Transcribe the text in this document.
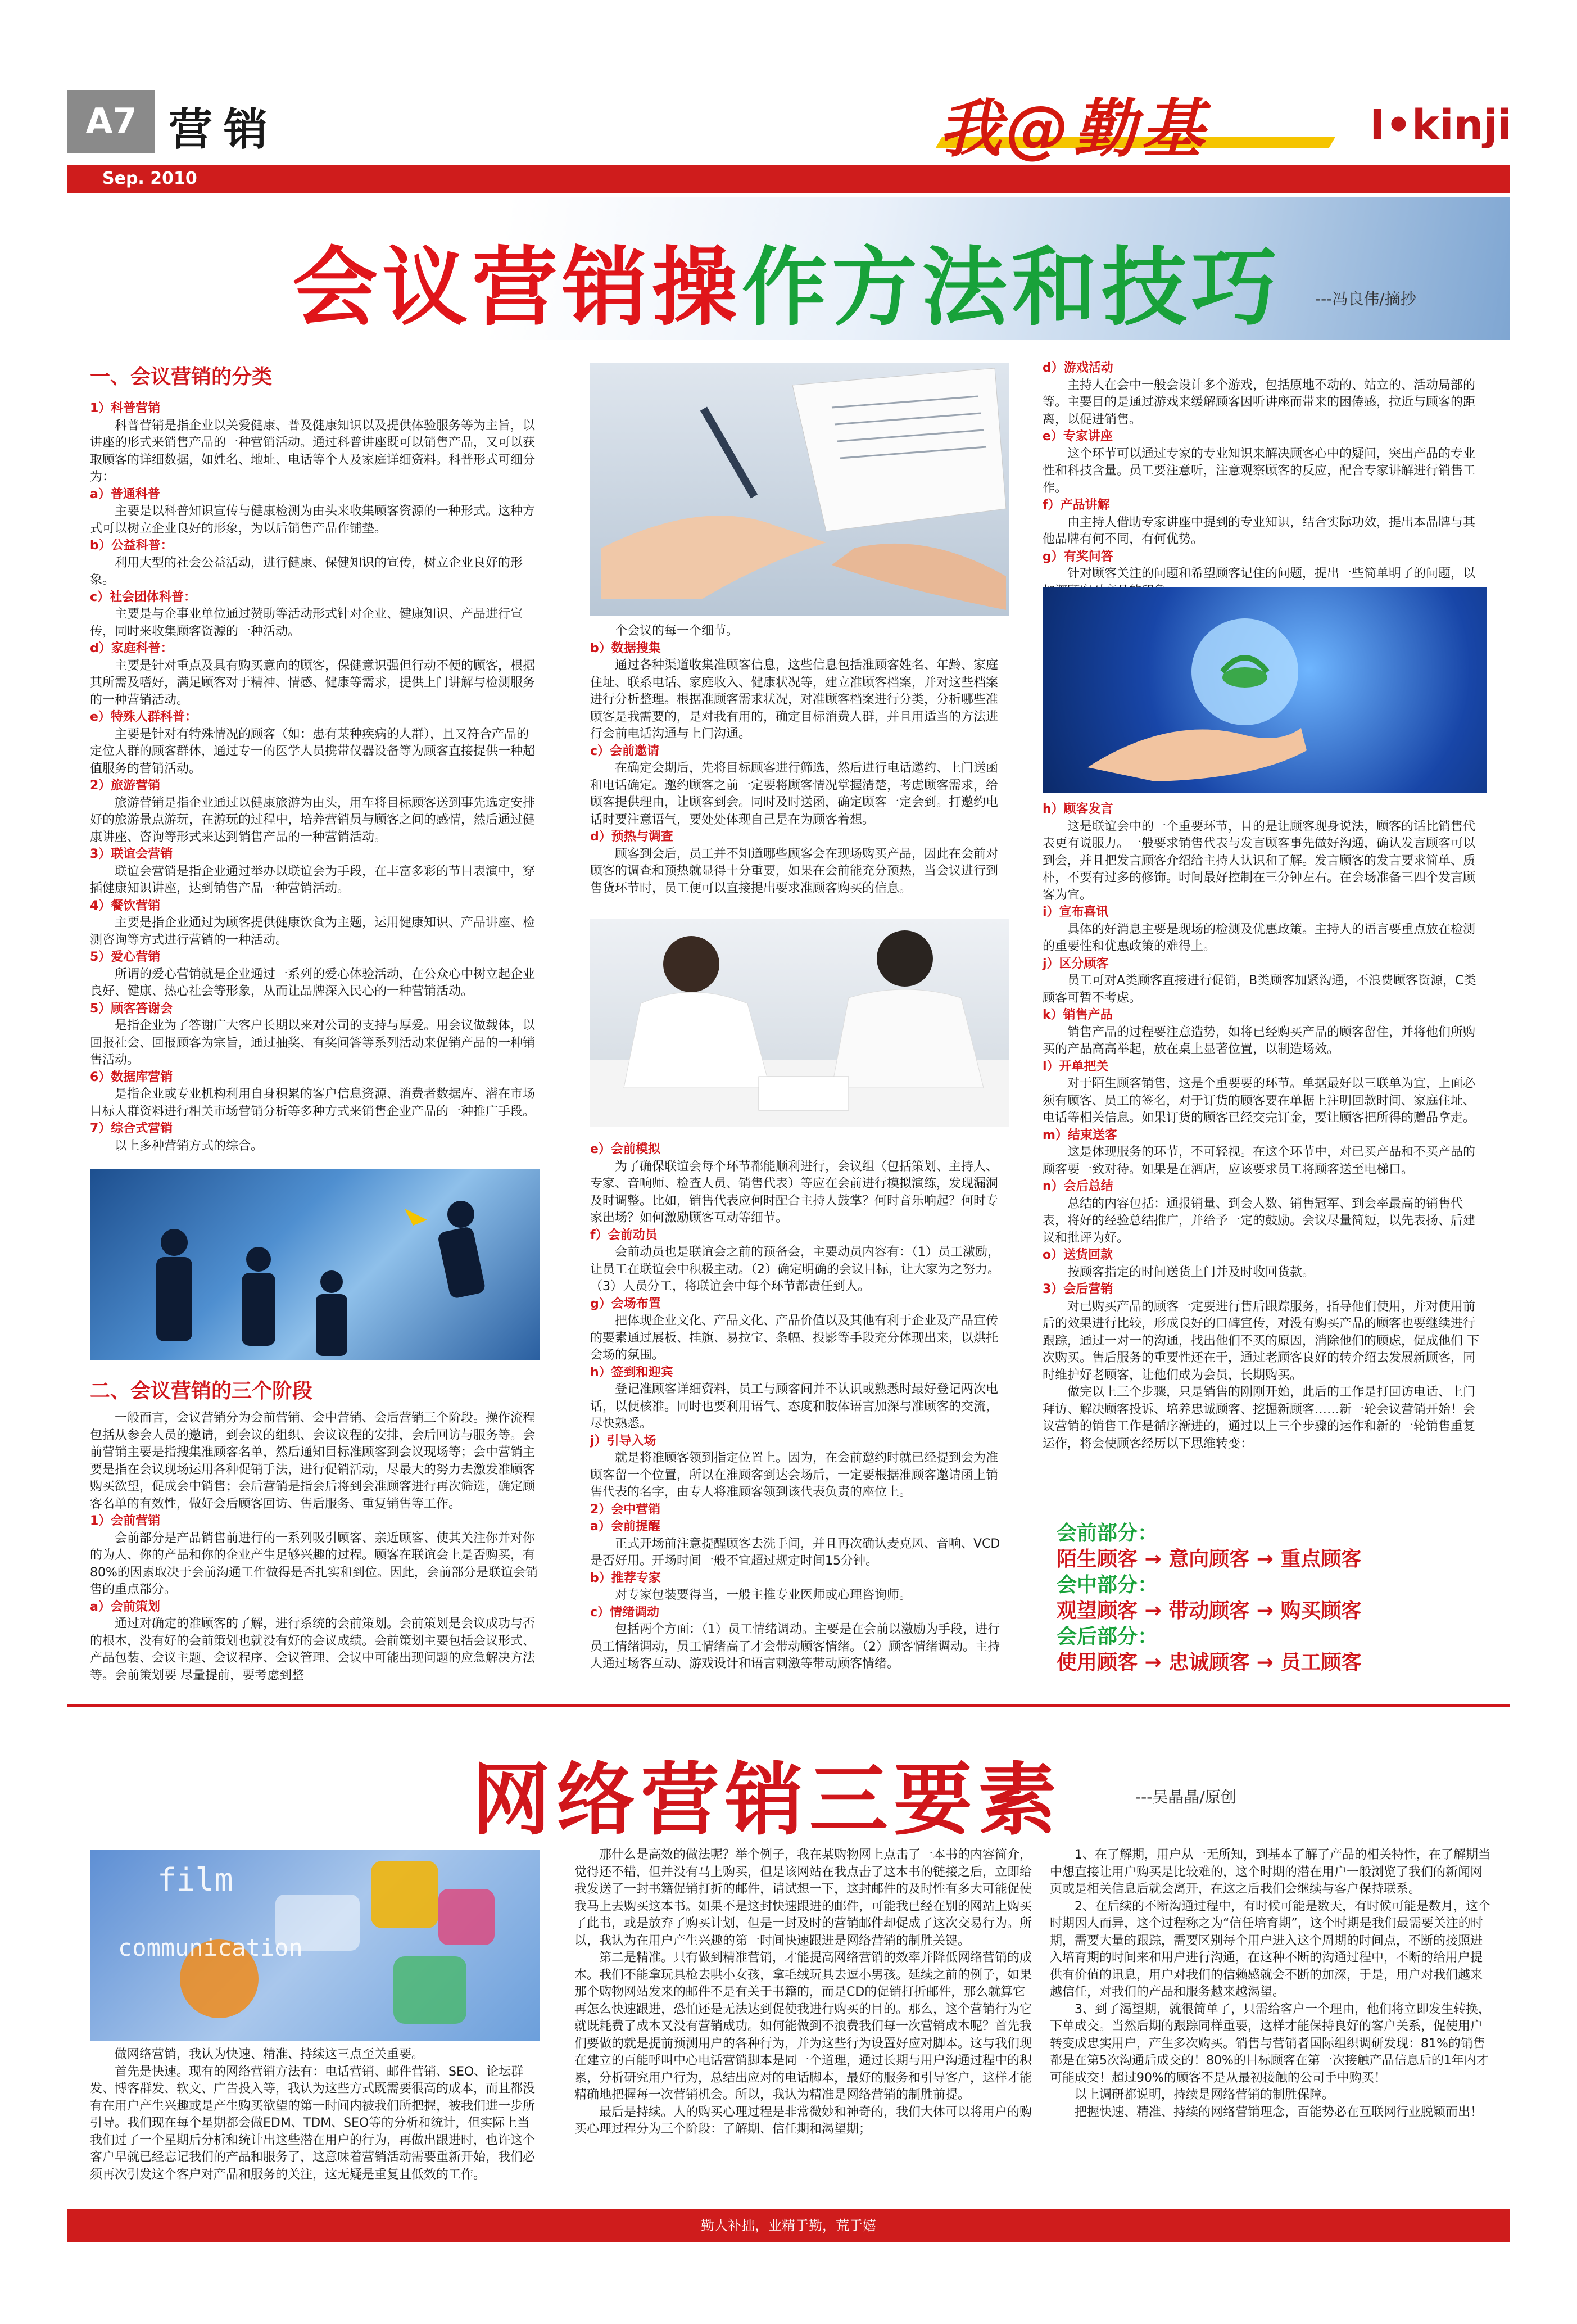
A7 营销
Sep. 2010
我@勤基	I•kinji
会议营销操作方法和技巧 ---冯良伟/摘抄
一、会议营销的分类

1）科普营销

科普营销是指企业以关爱健康、普及健康知识以及提供体验服务等为主旨，以讲座的形式来销售产品的一种营销活动。通过科普讲座既可以销售产品，又可以获取顾客的详细数据，如姓名、地址、电话等个人及家庭详细资料。科普形式可细分为：

a）普通科普

主要是以科普知识宣传与健康检测为由头来收集顾客资源的一种形式。这种方式可以树立企业良好的形象，为以后销售产品作铺垫。

b）公益科普：

利用大型的社会公益活动，进行健康、保健知识的宣传，树立企业良好的形象。

c）社会团体科普：

主要是与企事业单位通过赞助等活动形式针对企业、健康知识、产品进行宣传，同时来收集顾客资源的一种活动。

d）家庭科普：

主要是针对重点及具有购买意向的顾客，保健意识强但行动不便的顾客，根据其所需及嗜好，满足顾客对于精神、情感、健康等需求，提供上门讲解与检测服务的一种营销活动。

e）特殊人群科普：

主要是针对有特殊情况的顾客（如：患有某种疾病的人群），且又符合产品的定位人群的顾客群体，通过专一的医学人员携带仪器设备等为顾客直接提供一种超值服务的营销活动。

2）旅游营销

旅游营销是指企业通过以健康旅游为由头，用车将目标顾客送到事先选定安排好的旅游景点游玩，在游玩的过程中，培养营销员与顾客之间的感情，然后通过健康讲座、咨询等形式来达到销售产品的一种营销活动。

3）联谊会营销

联谊会营销是指企业通过举办以联谊会为手段，在丰富多彩的节目表演中，穿插健康知识讲座，达到销售产品一种营销活动。

4）餐饮营销

主要是指企业通过为顾客提供健康饮食为主题，运用健康知识、产品讲座、检测咨询等方式进行营销的一种活动。

5）爱心营销

所谓的爱心营销就是企业通过一系列的爱心体验活动，在公众心中树立起企业良好、健康、热心社会等形象，从而让品牌深入民心的一种营销活动。

5）顾客答谢会

是指企业为了答谢广大客户长期以来对公司的支持与厚爱。用会议做载体，以回报社会、回报顾客为宗旨，通过抽奖、有奖问答等系列活动来促销产品的一种销售活动。

6）数据库营销

是指企业或专业机构利用自身积累的客户信息资源、消费者数据库、潜在市场目标人群资料进行相关市场营销分析等多种方式来销售企业产品的一种推广手段。

7）综合式营销

以上多种营销方式的综合。

二、会议营销的三个阶段

一般而言，会议营销分为会前营销、会中营销、会后营销三个阶段。操作流程包括从参会人员的邀请，到会议的组织、会议议程的安排，会后回访与服务等。会前营销主要是指搜集准顾客名单，然后通知目标准顾客到会议现场等；会中营销主要是指在会议现场运用各种促销手法，进行促销活动，尽最大的努力去激发准顾客购买欲望，促成会中销售；会后营销是指会后将到会准顾客进行再次筛选，确定顾客名单的有效性，做好会后顾客回访、售后服务、重复销售等工作。

1）会前营销

会前部分是产品销售前进行的一系列吸引顾客、亲近顾客、使其关注你并对你的为人、你的产品和你的企业产生足够兴趣的过程。顾客在联谊会上是否购买，有80%的因素取决于会前沟通工作做得是否扎实和到位。因此，会前部分是联谊会销售的重点部分。

a）会前策划

通过对确定的准顾客的了解，进行系统的会前策划。会前策划是会议成功与否的根本，没有好的会前策划也就没有好的会议成绩。会前策划主要包括会议形式、产品包装、会议主题、会议程序、会议管理、会议中可能出现问题的应急解决方法等。会前策划要 尽量提前，要考虑到整

个会议的每一个细节。

b）数据搜集

通过各种渠道收集准顾客信息，这些信息包括准顾客姓名、年龄、家庭住址、联系电话、家庭收入、健康状况等，建立准顾客档案，并对这些档案进行分析整理。根据准顾客需求状况，对准顾客档案进行分类，分析哪些准顾客是我需要的，是对我有用的，确定目标消费人群，并且用适当的方法进行会前电话沟通与上门沟通。

c）会前邀请

在确定会期后，先将目标顾客进行筛选，然后进行电话邀约、上门送函和电话确定。邀约顾客之前一定要将顾客情况掌握清楚，考虑顾客需求，给顾客提供理由，让顾客到会。同时及时送函，确定顾客一定会到。打邀约电话时要注意语气，要处处体现自己是在为顾客着想。

d）预热与调查

顾客到会后，员工并不知道哪些顾客会在现场购买产品，因此在会前对顾客的调查和预热就显得十分重要，如果在会前能充分预热，当会议进行到售货环节时，员工便可以直接提出要求准顾客购买的信息。

e）会前模拟

为了确保联谊会每个环节都能顺利进行，会议组（包括策划、主持人、专家、音响师、检查人员、销售代表）等应在会前进行模拟演练，发现漏洞及时调整。比如，销售代表应何时配合主持人鼓掌？何时音乐响起？何时专家出场？如何激励顾客互动等细节。

f）会前动员

会前动员也是联谊会之前的预备会，主要动员内容有：（1）员工激励，让员工在联谊会中积极主动。（2）确定明确的会议目标，让大家为之努力。（3）人员分工，将联谊会中每个环节都责任到人。

g）会场布置

把体现企业文化、产品文化、产品价值以及其他有利于企业及产品宣传的要素通过展板、挂旗、易拉宝、条幅、投影等手段充分体现出来，以烘托会场的氛围。

h）签到和迎宾

登记准顾客详细资料，员工与顾客间并不认识或熟悉时最好登记两次电话，以便核准。同时也要利用语气、态度和肢体语言加深与准顾客的交流，尽快熟悉。

j）引导入场

就是将准顾客领到指定位置上。因为，在会前邀约时就已经提到会为准顾客留一个位置，所以在准顾客到达会场后，一定要根据准顾客邀请函上销售代表的名字，由专人将准顾客领到该代表负责的座位上。

2）会中营销

a）会前提醒

正式开场前注意提醒顾客去洗手间，并且再次确认麦克风、音响、VCD是否好用。开场时间一般不宜超过规定时间15分钟。

b）推荐专家

对专家包装要得当，一般主推专业医师或心理咨询师。

c）情绪调动

包括两个方面：（1）员工情绪调动。主要是在会前以激励为手段，进行员工情绪调动，员工情绪高了才会带动顾客情绪。（2）顾客情绪调动。主持人通过场客互动、游戏设计和语言刺激等带动顾客情绪。

d）游戏活动

主持人在会中一般会设计多个游戏，包括原地不动的、站立的、活动局部的等。主要目的是通过游戏来缓解顾客因听讲座而带来的困倦感，拉近与顾客的距离，以促进销售。

e）专家讲座

这个环节可以通过专家的专业知识来解决顾客心中的疑问，突出产品的专业性和科技含量。员工要注意听，注意观察顾客的反应，配合专家讲解进行销售工作。

f）产品讲解

由主持人借助专家讲座中提到的专业知识，结合实际功效，提出本品牌与其他品牌有何不同，有何优势。

g）有奖问答

针对顾客关注的问题和希望顾客记住的问题，提出一些简单明了的问题，以

h）顾客发言

这是联谊会中的一个重要环节，目的是让顾客现身说法，顾客的话比销售代表更有说服力。一般要求销售代表与发言顾客事先做好沟通，确认发言顾客可以到会，并且把发言顾客介绍给主持人认识和了解。发言顾客的发言要求简单、质朴，不要有过多的修饰。时间最好控制在三分钟左右。在会场准备三四个发言顾客为宜。

i）宣布喜讯

具体的好消息主要是现场的检测及优惠政策。主持人的语言要重点放在检测的重要性和优惠政策的难得上。

j）区分顾客

员工可对A类顾客直接进行促销，B类顾客加紧沟通，不浪费顾客资源，C类顾客可暂不考虑。

k）销售产品

销售产品的过程要注意造势，如将已经购买产品的顾客留住，并将他们所购买的产品高高举起，放在桌上显著位置，以制造场效。

l）开单把关

对于陌生顾客销售，这是个重要要的环节。单据最好以三联单为宜，上面必须有顾客、员工的签名，对于订货的顾客要在单据上注明回款时间、家庭住址、电话等相关信息。如果订货的顾客已经交完订金，要让顾客把所得的赠品拿走。

m）结束送客

这是体现服务的环节，不可轻视。在这个环节中，对已买产品和不买产品的顾客要一致对待。如果是在酒店，应该要求员工将顾客送至电梯口。

n）会后总结

总结的内容包括：通报销量、到会人数、销售冠军、到会率最高的销售代表，将好的经验总结推广，并给予一定的鼓励。会议尽量简短，以先表扬、后建议和批评为好。

o）送货回款

按顾客指定的时间送货上门并及时收回货款。

3）会后营销

对已购买产品的顾客一定要进行售后跟踪服务，指导他们使用，并对使用前后的效果进行比较，形成良好的口碑宣传，对没有购买产品的顾客也要继续进行跟踪，通过一对一的沟通，找出他们不买的原因，消除他们的顾虑，促成他们 下次购买。售后服务的重要性还在于，通过老顾客良好的转介绍去发展新顾客，同时维护好老顾客，让他们成为会员，长期购买。

做完以上三个步骤，只是销售的刚刚开始，此后的工作是打回访电话、上门拜访、解决顾客投诉、培养忠诚顾客、挖掘新顾客……新一轮会议营销开始！会议营销的销售工作是循序渐进的，通过以上三个步骤的运作和新的一轮销售重复运作，将会使顾客经历以下思维转变：

会前部分：
陌生顾客 → 意向顾客 → 重点顾客
会中部分：
观望顾客 → 带动顾客 → 购买顾客
会后部分：
使用顾客 → 忠诚顾客 → 员工顾客
网络营销三要素	---吴晶晶/原创
film
communication

做网络营销，我认为快速、精准、持续这三点至关重要。

首先是快速。现有的网络营销方法有：电话营销、邮件营销、SEO、论坛群发、博客群发、软文、广告投入等，我认为这些方式既需要很高的成本，而且都没有在用户产生兴趣或是产生购买欲望的第一时间内被我们所把握，被我们进一步所引导。我们现在每个星期都会做EDM、TDM、SEO等的分析和统计，但实际上当我们过了一个星期后分析和统计出这些潜在用户的行为，再做出跟进时，也许这个客户早就已经忘记我们的产品和服务了，这意味着营销活动需要重新开始，我们必须再次引发这个客户对产品和服务的关注，这无疑是重复且低效的工作。

那什么是高效的做法呢？举个例子，我在某购物网上点击了一本书的内容简介，觉得还不错，但并没有马上购买，但是该网站在我点击了这本书的链接之后，立即给我发送了一封书籍促销打折的邮件，请试想一下，这封邮件的及时性有多大可能促使我马上去购买这本书。如果不是这封快速跟进的邮件，可能我已经在别的网站上购买了此书，或是放弃了购买计划，但是一封及时的营销邮件却促成了这次交易行为。所以，我认为在用户产生兴趣的第一时间快速跟进是网络营销的制胜关键。

第二是精准。只有做到精准营销，才能提高网络营销的效率并降低网络营销的成本。我们不能拿玩具枪去哄小女孩，拿毛绒玩具去逗小男孩。延续之前的例子，如果那个购物网站发来的邮件不是有关于书籍的，而是CD的促销打折邮件，那么就算它再怎么快速跟进，恐怕还是无法达到促使我进行购买的目的。那么，这个营销行为它就既耗费了成本又没有营销成功。如何能做到不浪费我们每一次营销成本呢？首先我们要做的就是提前预测用户的各种行为，并为这些行为设置好应对脚本。这与我们现在建立的百能呼叫中心电话营销脚本是同一个道理，通过长期与用户沟通过程中的积累，分析研究用户行为，总结出应对的电话脚本，最好的服务和引导客户，这样才能精确地把握每一次营销机会。所以，我认为精准是网络营销的制胜前提。

最后是持续。人的购买心理过程是非常微妙和神奇的，我们大体可以将用户的购买心理过程分为三个阶段：了解期、信任期和渴望期；

1、在了解期，用户从一无所知，到基本了解了产品的相关特性，在了解期当中想直接让用户购买是比较难的，这个时期的潜在用户一般浏览了我们的新闻网页或是相关信息后就会离开，在这之后我们会继续与客户保持联系。

2、在后续的不断沟通过程中，有时候可能是数天，有时候可能是数月，这个时期因人而异，这个过程称之为“信任培育期”，这个时期是我们最需要关注的时期，需要大量的跟踪，需要区别每个用户进入这个周期的时间点，不断的接照进入培育期的时间来和用户进行沟通，在这种不断的沟通过程中，不断的给用户提供有价值的讯息，用户对我们的信赖感就会不断的加深，于是，用户对我们越来越信任，对我们的产品和服务越来越渴望。

3、到了渴望期，就很简单了，只需给客户一个理由，他们将立即发生转换，下单成交。当然后期的跟踪同样重要，这样才能保持良好的客户关系，促使用户转变成忠实用户，产生多次购买。销售与营销者国际组织调研发现：81%的销售都是在第5次沟通后成交的！80%的目标顾客在第一次接触产品信息后的1年内才可能成交！超过90%的顾客不是从最初接触的公司手中购买！

以上调研都说明，持续是网络营销的制胜保障。

把握快速、精准、持续的网络营销理念，百能势必在互联网行业脱颖而出！

勤人补拙，业精于勤，荒于嬉
